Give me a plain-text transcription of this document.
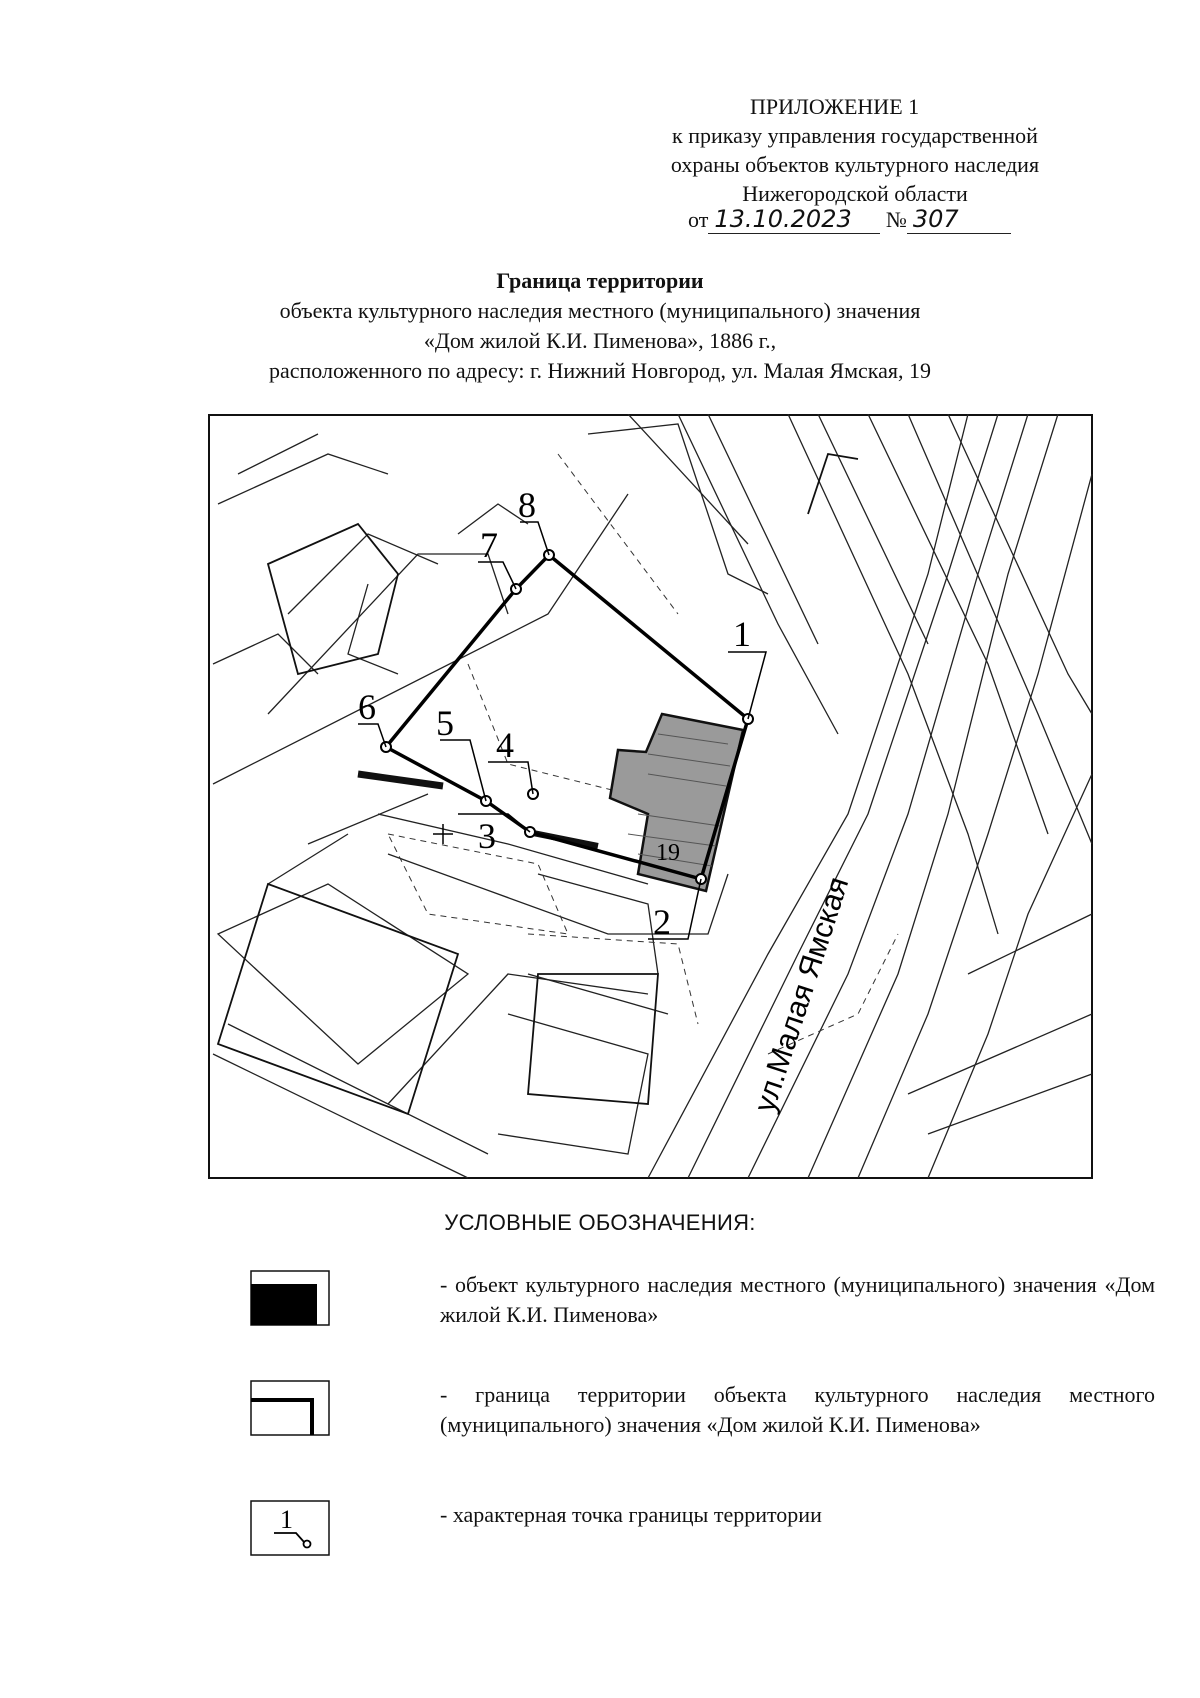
ПРИЛОЖЕНИЕ 1
к приказу управления государственной
охраны объектов культурного наследия
Нижегородской области
от 13.10.2023 № 307
Граница территории
объекта культурного наследия местного (муниципального) значения
«Дом жилой К.И. Пименова», 1886 г.,
расположенного по адресу: г. Нижний Новгород, ул. Малая Ямская, 19
1
2
3
4
5
6
7
8
19
ул.Малая Ямская
УСЛОВНЫЕ ОБОЗНАЧЕНИЯ:
- объект культурного наследия местного (муниципального) значения «Дом жилой К.И. Пименова»
- граница территории объекта культурного наследия местного (муниципального) значения «Дом жилой К.И. Пименова»
1	- характерная точка границы территории
